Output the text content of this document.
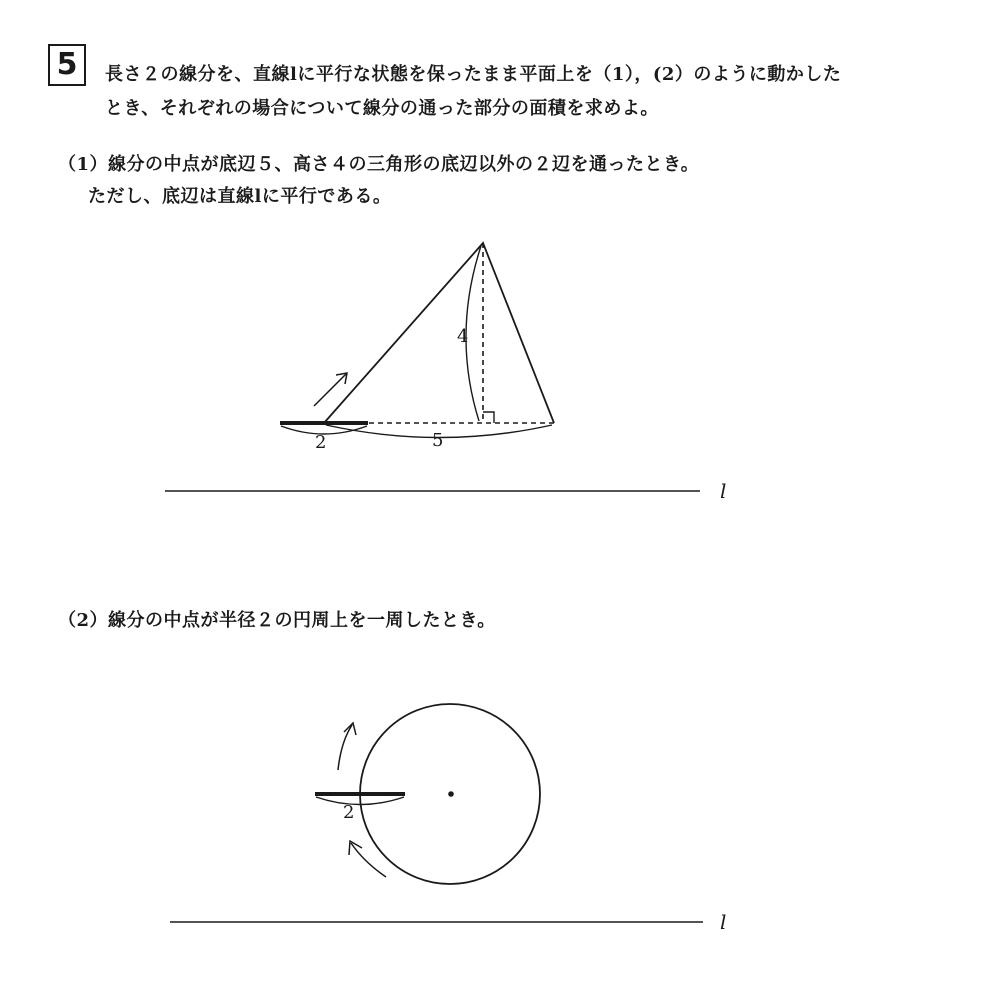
5	長さ２の線分を、直線lに平行な状態を保ったまま平面上を（1），(2）のように動かした
とき、それぞれの場合について線分の通った部分の面積を求めよ。
（1）線分の中点が底辺５、高さ４の三角形の底辺以外の２辺を通ったとき。
ただし、底辺は直線lに平行である。
（2）線分の中点が半径２の円周上を一周したとき。
4
5
2
l
2
l
